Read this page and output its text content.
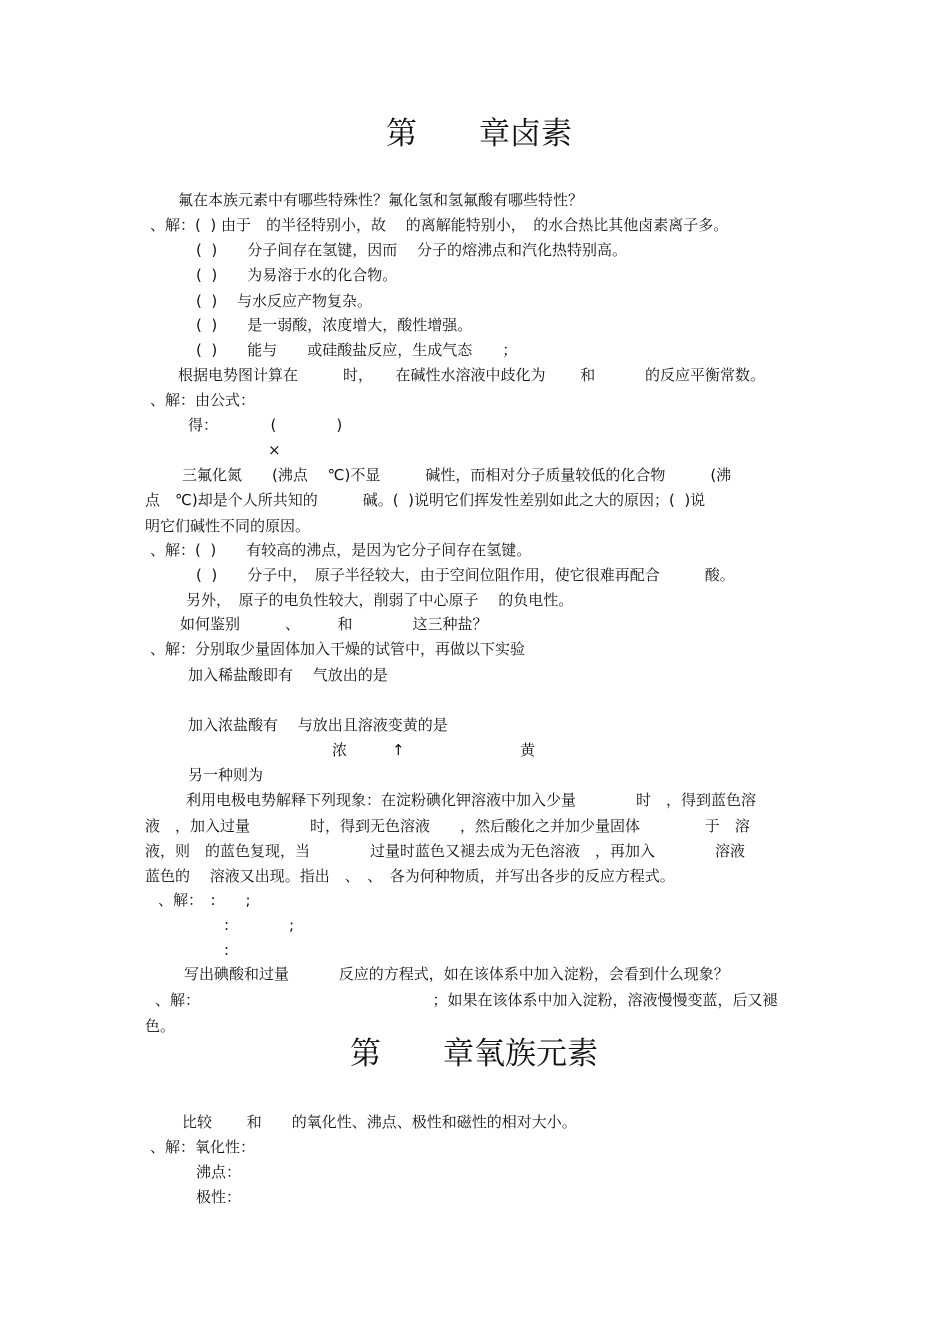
第　　章卤素
氟在本族元素中有哪些特殊性？氟化氢和氢氟酸有哪些特性？
、解：(  ) 由于　的半径特别小，故　 的离解能特别小，　的水合热比其他卤素离子多。
(  )　　分子间存在氢键，因而　 分子的熔沸点和汽化热特别高。
(  )　　为易溶于水的化合物。
(  )　 与水反应产物复杂。
(  )　　是一弱酸，浓度增大，酸性增强。
(  )　　能与　　或硅酸盐反应，生成气态　　；
根据电势图计算在　　　时，　　在碱性水溶液中歧化为　　 和　　　 的反应平衡常数。
、解：由公式：
得：　　　　(　　　　)
×
三氟化氮　　(沸点　 ℃)不显　　　碱性，而相对分子质量较低的化合物　　　(沸
点　℃)却是个人所共知的　　　碱。(  )说明它们挥发性差别如此之大的原因；(  )说
明它们碱性不同的原因。
、解：(  )　　有较高的沸点，是因为它分子间存在氢键。
(  )　　分子中，　原子半径较大，由于空间位阻作用，使它很难再配合　　　酸。
另外，　原子的电负性较大，削弱了中心原子　 的负电性。
如何鉴别　　　、　　　和　　　　这三种盐？
、解：分别取少量固体加入干燥的试管中，再做以下实验
加入稀盐酸即有　 气放出的是
加入浓盐酸有　 与放出且溶液变黄的是
浓　　　↑	黄
另一种则为
利用电极电势解释下列现象：在淀粉碘化钾溶液中加入少量　　　　时　，得到蓝色溶
液　，加入过量　　　　时，得到无色溶液　　，然后酸化之并加少量固体　　　　 于　溶
液，则　的蓝色复现，当　　　　过量时蓝色又褪去成为无色溶液　，再加入　　　　溶液
蓝色的　 溶液又出现。指出　、　、　各为何种物质，并写出各步的反应方程式。
、解：　:　　;
:　　　　;
:
写出碘酸和过量　　　 反应的方程式，如在该体系中加入淀粉，会看到什么现象？
、解：　　　　　　　　　　　　　　　　；如果在该体系中加入淀粉，溶液慢慢变蓝，后又褪
色。
第　　章氧族元素
比较　　 和　　的氧化性、沸点、极性和磁性的相对大小。
、解：氧化性：
沸点：
极性：
